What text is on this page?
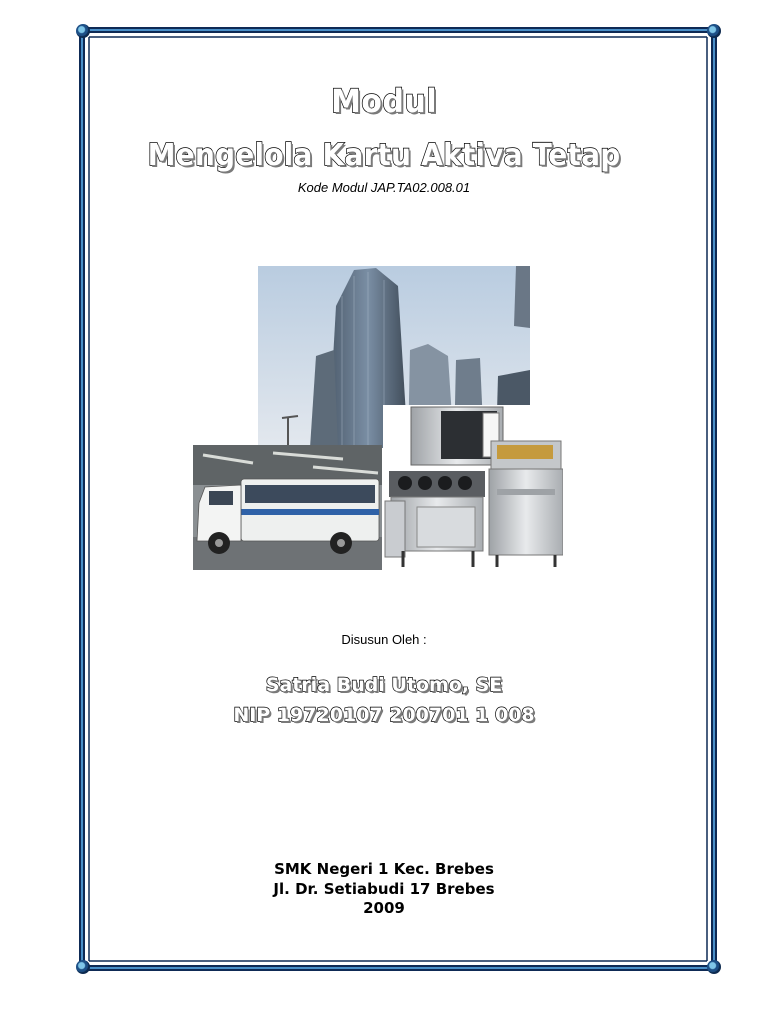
Modul
Mengelola Kartu Aktiva Tetap
Kode Modul JAP.TA02.008.01
Disusun Oleh :
Satria Budi Utomo, SE
NIP 19720107 200701 1 008
SMK Negeri 1 Kec. Brebes
Jl. Dr. Setiabudi 17 Brebes
2009
